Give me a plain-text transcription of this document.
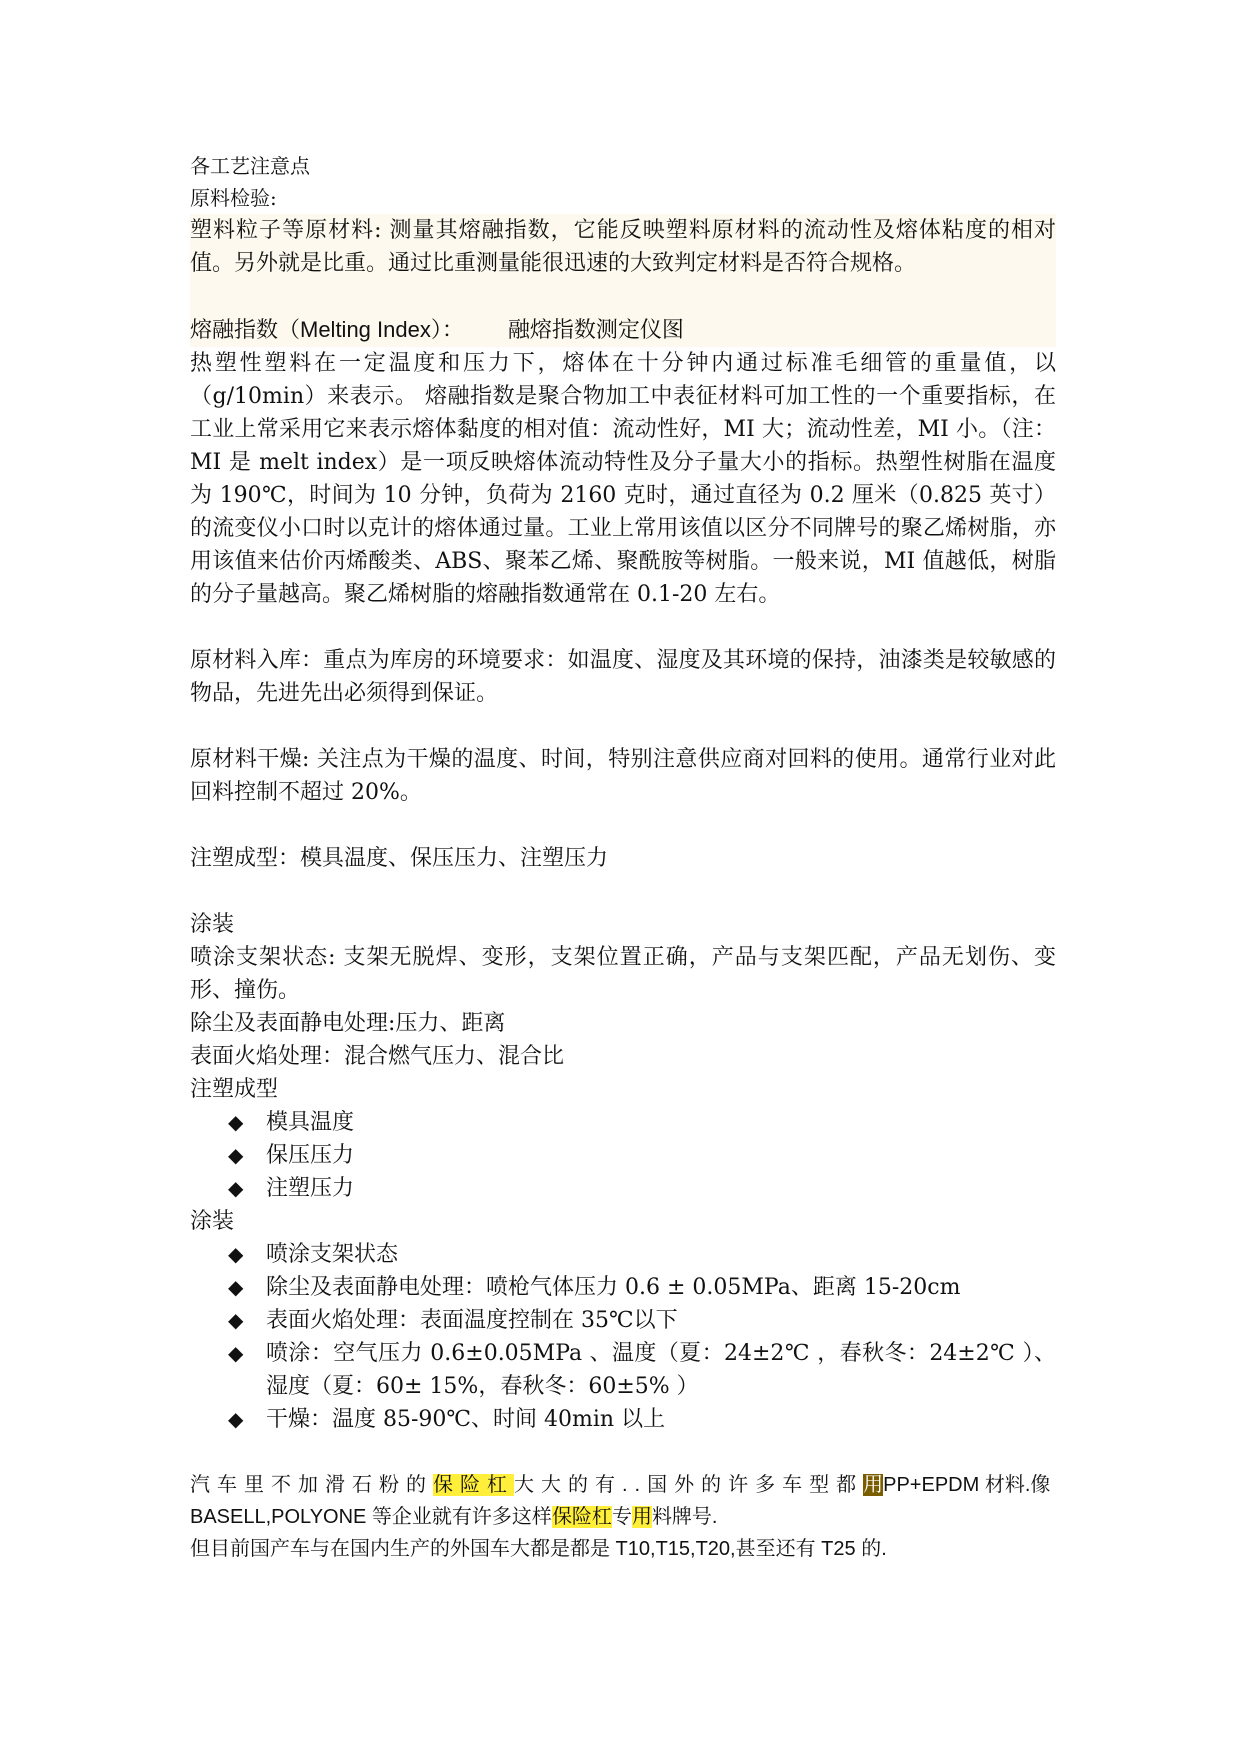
各工艺注意点

原料检验:

塑料粒子等原材料: 测量其熔融指数，它能反映塑料原材料的流动性及熔体粘度的相对值。另外就是比重。通过比重测量能很迅速的大致判定材料是否符合规格。

熔融指数（Melting Index）： 融熔指数测定仪图

热塑性塑料在一定温度和压力下，熔体在十分钟内通过标准毛细管的重量值，以（g/10min）来表示。 熔融指数是聚合物加工中表征材料可加工性的一个重要指标，在工业上常采用它来表示熔体黏度的相对值：流动性好，MI 大；流动性差，MI 小。（注：MI 是 melt index）是一项反映熔体流动特性及分子量大小的指标。热塑性树脂在温度为 190℃，时间为 10 分钟，负荷为 2160 克时，通过直径为 0.2 厘米（0.825 英寸）的流变仪小口时以克计的熔体通过量。工业上常用该值以区分不同牌号的聚乙烯树脂，亦用该值来估价丙烯酸类、ABS、聚苯乙烯、聚酰胺等树脂。一般来说，MI 值越低，树脂的分子量越高。聚乙烯树脂的熔融指数通常在 0.1-20 左右。

原材料入库：重点为库房的环境要求：如温度、湿度及其环境的保持，油漆类是较敏感的物品，先进先出必须得到保证。

原材料干燥: 关注点为干燥的温度、时间，特别注意供应商对回料的使用。通常行业对此回料控制不超过 20%。

注塑成型：模具温度、保压压力、注塑压力

涂装

喷涂支架状态: 支架无脱焊、变形，支架位置正确，产品与支架匹配，产品无划伤、变形、撞伤。

除尘及表面静电处理:压力、距离

表面火焰处理：混合燃气压力、混合比

注塑成型

◆ 模具温度
◆ 保压压力
◆ 注塑压力

涂装

◆ 喷涂支架状态
◆ 除尘及表面静电处理：喷枪气体压力 0.6 ± 0.05MPa、距离 15-20cm
◆ 表面火焰处理：表面温度控制在 35℃以下
◆ 喷涂：空气压力 0.6±0.05MPa 、温度（夏：24±2℃ ，春秋冬：24±2℃ ）、湿度（夏：60± 15%，春秋冬：60±5% ）
◆ 干燥：温度 85-90℃、时间 40min 以上

汽车里不加滑石粉的保险杠大大的有..国外的许多车型都用PP+EPDM 材料.像

BASELL,POLYONE 等企业就有许多这样保险杠专用料牌号.

但目前国产车与在国内生产的外国车大都是都是 T10,T15,T20,甚至还有 T25 的.
